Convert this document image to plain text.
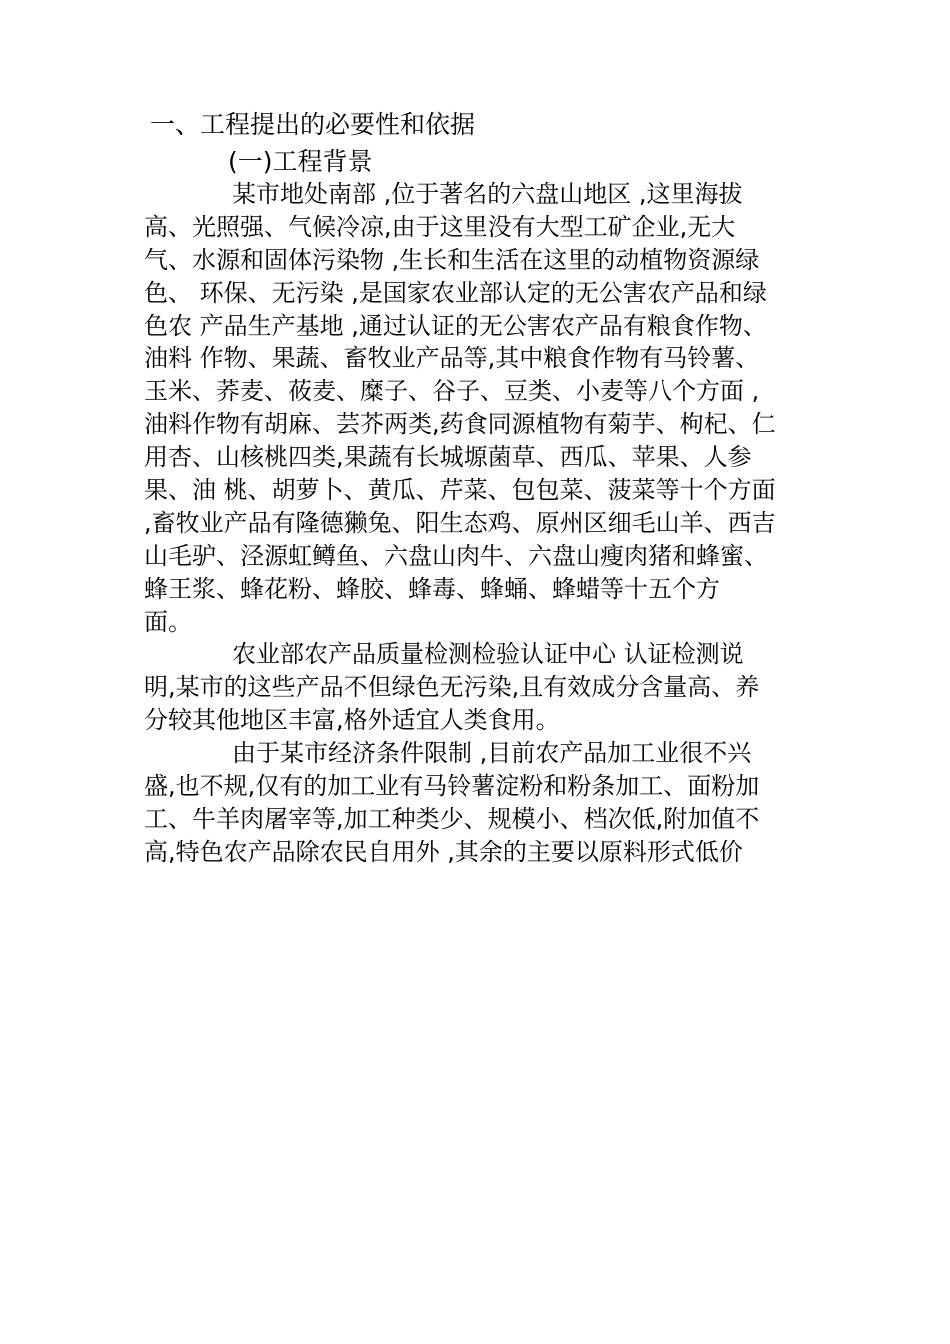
一、工程提出的必要性和依据
(一)工程背景
某市地处南部 ,位于著名的六盘山地区 ,这里海拔
高、光照强、气候冷凉,由于这里没有大型工矿企业,无大
气、水源和固体污染物 ,生长和生活在这里的动植物资源绿
色、 环保、无污染 ,是国家农业部认定的无公害农产品和绿
色农 产品生产基地 ,通过认证的无公害农产品有粮食作物、
油料 作物、果蔬、畜牧业产品等,其中粮食作物有马铃薯、
玉米、荞麦、莜麦、糜子、谷子、豆类、小麦等八个方面 ,
油料作物有胡麻、芸芥两类,药食同源植物有菊芋、枸杞、仁
用杏、山核桃四类,果蔬有长城塬菌草、西瓜、苹果、人参
果、油 桃、胡萝卜、黄瓜、芹菜、包包菜、菠菜等十个方面
,畜牧业产品有隆德獭兔、阳生态鸡、原州区细毛山羊、西吉
山毛驴、泾源虹鳟鱼、六盘山肉牛、六盘山瘦肉猪和蜂蜜、
蜂王浆、蜂花粉、蜂胶、蜂毒、蜂蛹、蜂蜡等十五个方
面。
农业部农产品质量检测检验认证中心 认证检测说
明,某市的这些产品不但绿色无污染,且有效成分含量高、养
分较其他地区丰富,格外适宜人类食用。
由于某市经济条件限制 ,目前农产品加工业很不兴
盛,也不规,仅有的加工业有马铃薯淀粉和粉条加工、面粉加
工、牛羊肉屠宰等,加工种类少、规模小、档次低,附加值不
高,特色农产品除农民自用外 ,其余的主要以原料形式低价
